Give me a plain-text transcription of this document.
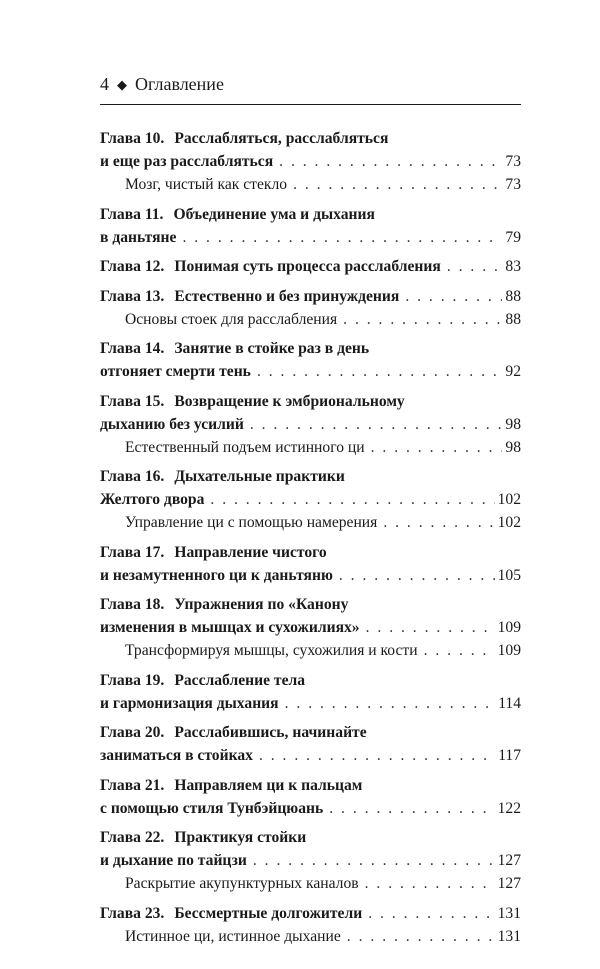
4 ◆ Оглавление
Глава 10. Расслабляться, расслабляться
и еще раз расслабляться . . .	73
Мозг, чистый как стекло . . .	73
Глава 11. Объединение ума и дыхания
в даньтяне . . .	79
Глава 12. Понимая суть процесса расслабления . . .	83
Глава 13. Естественно и без принуждения . . .	88
Основы стоек для расслабления . . .	88
Глава 14. Занятие в стойке раз в день
отгоняет смерти тень . . .	92
Глава 15. Возвращение к эмбриональному
дыханию без усилий . . .	98
Естественный подъем истинного ци . . .	98
Глава 16. Дыхательные практики
Желтого двора . . .	102
Управление ци с помощью намерения . . .	102
Глава 17. Направление чистого
и незамутненного ци к даньтяню . . .	105
Глава 18. Упражнения по «Канону
изменения в мышцах и сухожилиях» . . .	109
Трансформируя мышцы, сухожилия и кости . . .	109
Глава 19. Расслабление тела
и гармонизация дыхания . . .	114
Глава 20. Расслабившись, начинайте
заниматься в стойках . . .	117
Глава 21. Направляем ци к пальцам
с помощью стиля Тунбэйцюань . . .	122
Глава 22. Практикуя стойки
и дыхание по тайцзи . . .	127
Раскрытие акупунктурных каналов . . .	127
Глава 23. Бессмертные долгожители . . .	131
Истинное ци, истинное дыхание . . .	131
